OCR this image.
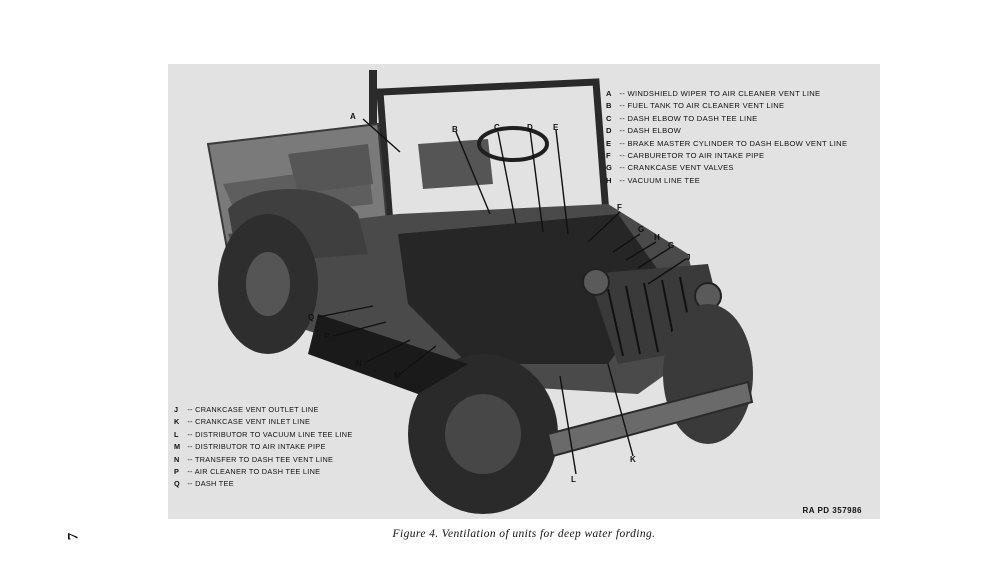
7
A
B	C	D	E
F
G
H
G
J
Q
P
N
M
L
K
A -- WINDSHIELD WIPER TO AIR CLEANER VENT LINE
B -- FUEL TANK TO AIR CLEANER VENT LINE
C -- DASH ELBOW TO DASH TEE LINE
D -- DASH ELBOW
E -- BRAKE MASTER CYLINDER TO DASH ELBOW VENT LINE
F -- CARBURETOR TO AIR INTAKE PIPE
G -- CRANKCASE VENT VALVES
H -- VACUUM LINE TEE
J -- CRANKCASE VENT OUTLET LINE
K -- CRANKCASE VENT INLET LINE
L -- DISTRIBUTOR TO VACUUM LINE TEE LINE
M -- DISTRIBUTOR TO AIR INTAKE PIPE
N -- TRANSFER TO DASH TEE VENT LINE
P -- AIR CLEANER TO DASH TEE LINE
Q -- DASH TEE
RA PD 357986
Figure 4. Ventilation of units for deep water fording.
